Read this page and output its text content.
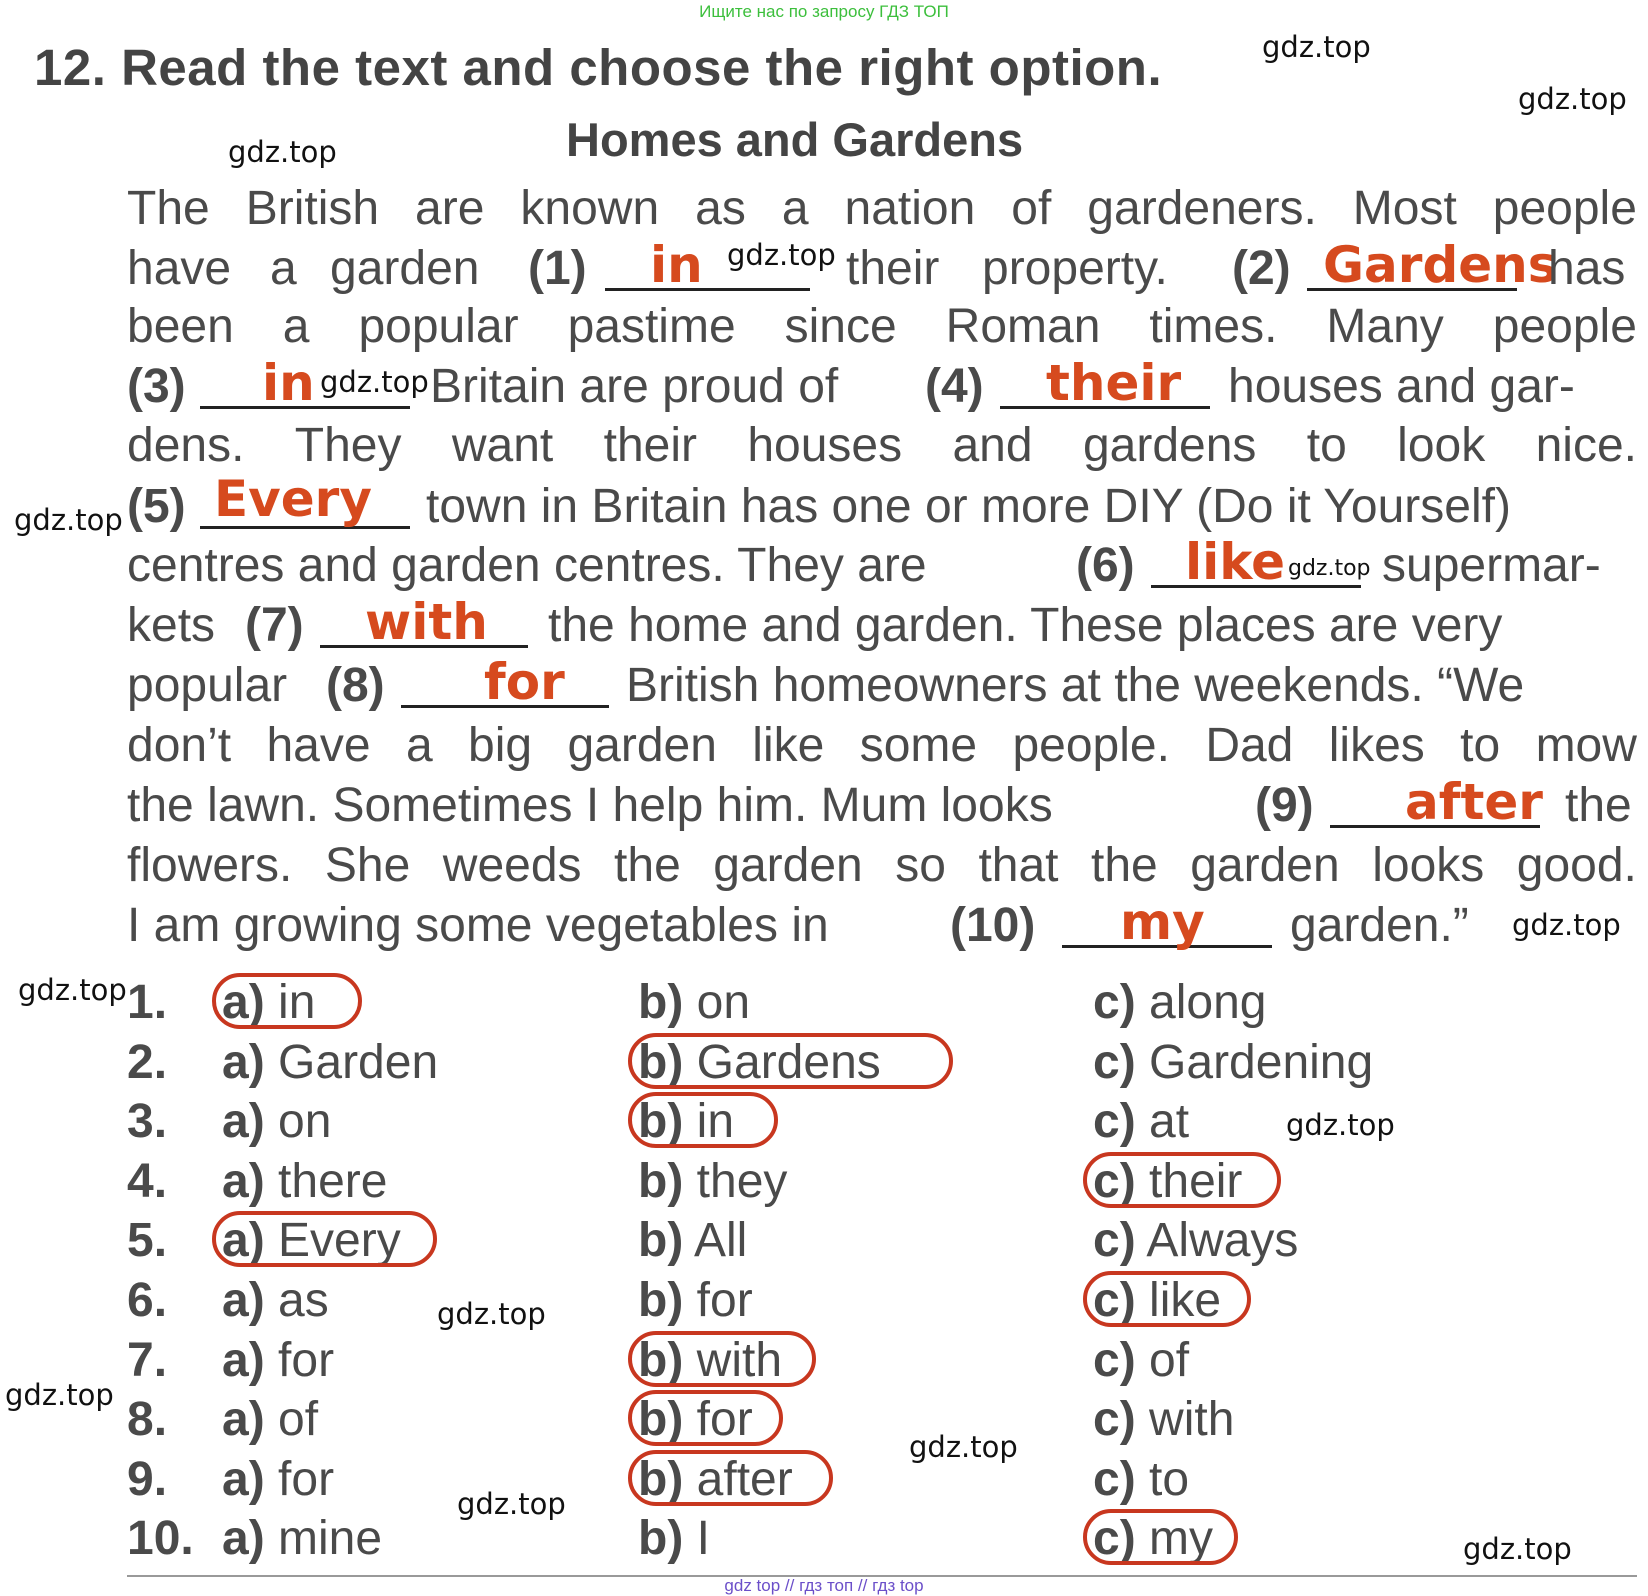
Ищите нас по запросу ГДЗ ТОП
12. Read the text and choose the right option.
Homes and Gardens
gdz.top
gdz.top
gdz.top
gdz.top
gdz.top
gdz.top
gdz.top
gdz.top
gdz.top
gdz.top
gdz.top
gdz.top
gdz.top
gdz.top
gdz.top
The British are known as a nation of gardeners. Most people
have a garden (1) in	their property. (2) Gardens
has
been a popular pastime since Roman times. Many people
(3) in Britain are proud of (4) their houses and gar-
dens. They want their houses and gardens to look nice.
(5) Every town in Britain has one or more DIY (Do it Yourself)
centres and garden centres. They are	(6) like supermar-
kets (7) with the home and garden. These places are very
popular (8) for British homeowners at the weekends. “We
don’t have a big garden like some people. Dad likes to mow
the lawn. Sometimes I help him. Mum looks	(9) after the
flowers. She weeds the garden so that the garden looks good.
I am growing some vegetables in	(10) my garden.”
1. a) in	b) on	c) along
2. a) Garden	b) Gardens	c) Gardening
3. a) on	b) in	c) at
4. a) there	b) they	c) their
5. a) Every	b) All	c) Always
6. a) as	b) for	c) like
7. a) for	b) with	c) of
8. a) of	b) for	c) with
9. a) for	b) after	c) to
10. a) mine	b) I	c) my
gdz top // гдз топ // гдз top
